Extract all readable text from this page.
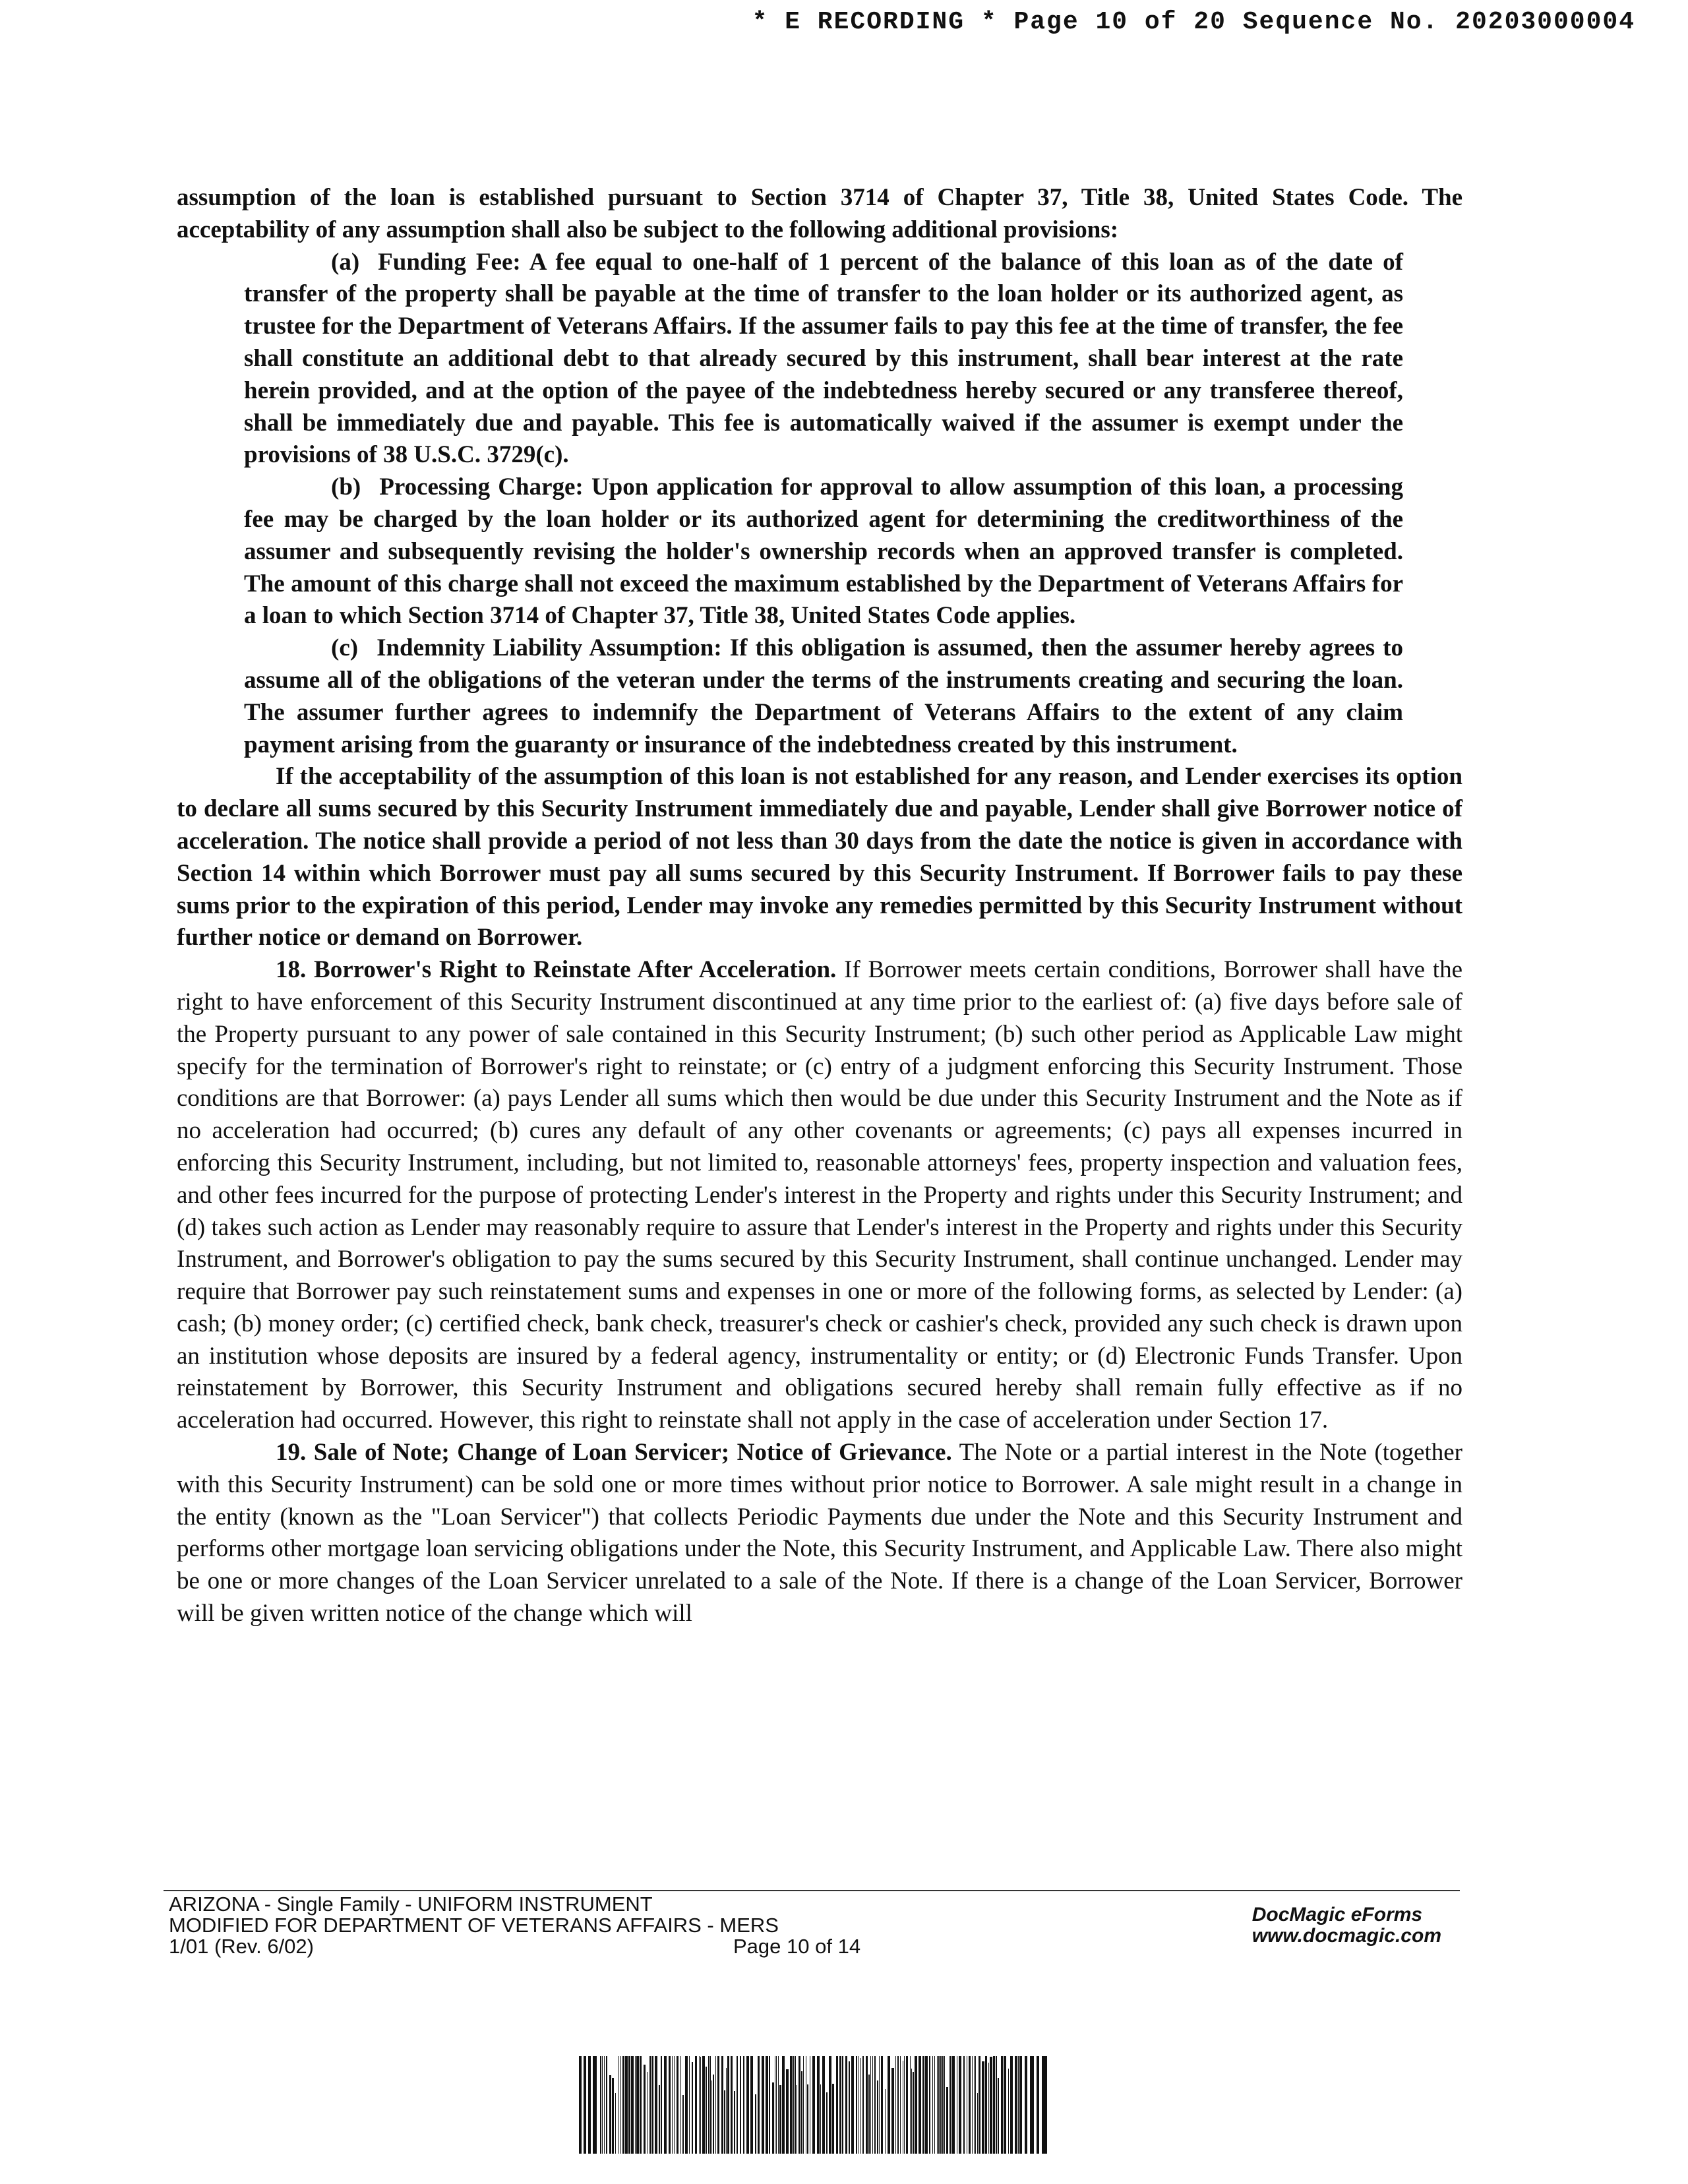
* E RECORDING * Page 10 of 20 Sequence No. 20203000004

assumption of the loan is established pursuant to Section 3714 of Chapter 37, Title 38, United States Code. The acceptability of any assumption shall also be subject to the following additional provisions:

(a) Funding Fee: A fee equal to one-half of 1 percent of the balance of this loan as of the date of transfer of the property shall be payable at the time of transfer to the loan holder or its authorized agent, as trustee for the Department of Veterans Affairs. If the assumer fails to pay this fee at the time of transfer, the fee shall constitute an additional debt to that already secured by this instrument, shall bear interest at the rate herein provided, and at the option of the payee of the indebtedness hereby secured or any transferee thereof, shall be immediately due and payable. This fee is automatically waived if the assumer is exempt under the provisions of 38 U.S.C. 3729(c).

(b) Processing Charge: Upon application for approval to allow assumption of this loan, a processing fee may be charged by the loan holder or its authorized agent for determining the creditworthiness of the assumer and subsequently revising the holder's ownership records when an approved transfer is completed. The amount of this charge shall not exceed the maximum established by the Department of Veterans Affairs for a loan to which Section 3714 of Chapter 37, Title 38, United States Code applies.

(c) Indemnity Liability Assumption: If this obligation is assumed, then the assumer hereby agrees to assume all of the obligations of the veteran under the terms of the instruments creating and securing the loan. The assumer further agrees to indemnify the Department of Veterans Affairs to the extent of any claim payment arising from the guaranty or insurance of the indebtedness created by this instrument.

If the acceptability of the assumption of this loan is not established for any reason, and Lender exercises its option to declare all sums secured by this Security Instrument immediately due and payable, Lender shall give Borrower notice of acceleration. The notice shall provide a period of not less than 30 days from the date the notice is given in accordance with Section 14 within which Borrower must pay all sums secured by this Security Instrument. If Borrower fails to pay these sums prior to the expiration of this period, Lender may invoke any remedies permitted by this Security Instrument without further notice or demand on Borrower.

18. Borrower's Right to Reinstate After Acceleration. If Borrower meets certain conditions, Borrower shall have the right to have enforcement of this Security Instrument discontinued at any time prior to the earliest of: (a) five days before sale of the Property pursuant to any power of sale contained in this Security Instrument; (b) such other period as Applicable Law might specify for the termination of Borrower's right to reinstate; or (c) entry of a judgment enforcing this Security Instrument. Those conditions are that Borrower: (a) pays Lender all sums which then would be due under this Security Instrument and the Note as if no acceleration had occurred; (b) cures any default of any other covenants or agreements; (c) pays all expenses incurred in enforcing this Security Instrument, including, but not limited to, reasonable attorneys' fees, property inspection and valuation fees, and other fees incurred for the purpose of protecting Lender's interest in the Property and rights under this Security Instrument; and (d) takes such action as Lender may reasonably require to assure that Lender's interest in the Property and rights under this Security Instrument, and Borrower's obligation to pay the sums secured by this Security Instrument, shall continue unchanged. Lender may require that Borrower pay such reinstatement sums and expenses in one or more of the following forms, as selected by Lender: (a) cash; (b) money order; (c) certified check, bank check, treasurer's check or cashier's check, provided any such check is drawn upon an institution whose deposits are insured by a federal agency, instrumentality or entity; or (d) Electronic Funds Transfer. Upon reinstatement by Borrower, this Security Instrument and obligations secured hereby shall remain fully effective as if no acceleration had occurred. However, this right to reinstate shall not apply in the case of acceleration under Section 17.

19. Sale of Note; Change of Loan Servicer; Notice of Grievance. The Note or a partial interest in the Note (together with this Security Instrument) can be sold one or more times without prior notice to Borrower. A sale might result in a change in the entity (known as the "Loan Servicer") that collects Periodic Payments due under the Note and this Security Instrument and performs other mortgage loan servicing obligations under the Note, this Security Instrument, and Applicable Law. There also might be one or more changes of the Loan Servicer unrelated to a sale of the Note. If there is a change of the Loan Servicer, Borrower will be given written notice of the change which will

ARIZONA - Single Family - UNIFORM INSTRUMENT
MODIFIED FOR DEPARTMENT OF VETERANS AFFAIRS - MERS
1/01 (Rev. 6/02)	Page 10 of 14
DocMagic eForms
www.docmagic.com
